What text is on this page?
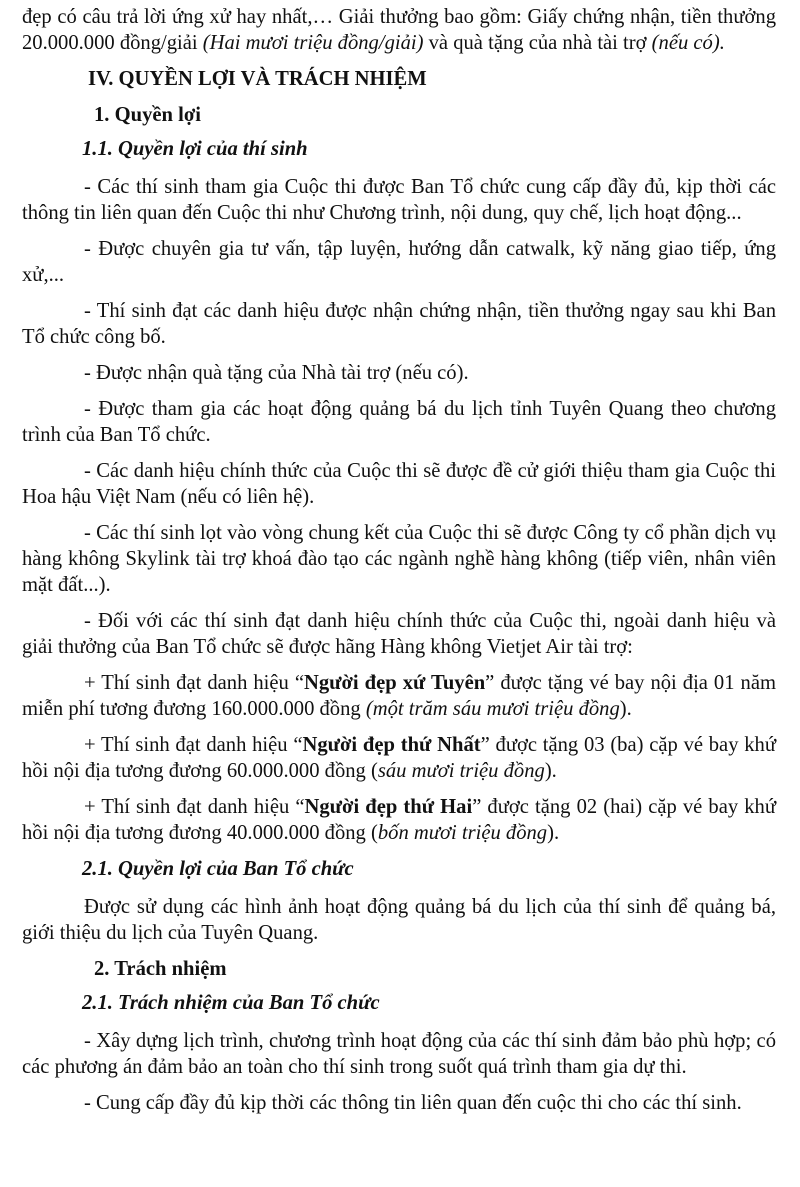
đẹp có câu trả lời ứng xử hay nhất,… Giải thưởng bao gồm: Giấy chứng nhận, tiền thưởng 20.000.000 đồng/giải (Hai mươi triệu đồng/giải) và quà tặng của nhà tài trợ (nếu có).

IV. QUYỀN LỢI VÀ TRÁCH NHIỆM
1. Quyền lợi
1.1. Quyền lợi của thí sinh

- Các thí sinh tham gia Cuộc thi được Ban Tổ chức cung cấp đầy đủ, kịp thời các thông tin liên quan đến Cuộc thi như Chương trình, nội dung, quy chế, lịch hoạt động...

- Được chuyên gia tư vấn, tập luyện, hướng dẫn catwalk, kỹ năng giao tiếp, ứng xử,...

- Thí sinh đạt các danh hiệu được nhận chứng nhận, tiền thưởng ngay sau khi Ban Tổ chức công bố.

- Được nhận quà tặng của Nhà tài trợ (nếu có).

- Được tham gia các hoạt động quảng bá du lịch tỉnh Tuyên Quang theo chương trình của Ban Tổ chức.

- Các danh hiệu chính thức của Cuộc thi sẽ được đề cử giới thiệu tham gia Cuộc thi Hoa hậu Việt Nam (nếu có liên hệ).

- Các thí sinh lọt vào vòng chung kết của Cuộc thi sẽ được Công ty cổ phần dịch vụ hàng không Skylink tài trợ khoá đào tạo các ngành nghề hàng không (tiếp viên, nhân viên mặt đất...).

- Đối với các thí sinh đạt danh hiệu chính thức của Cuộc thi, ngoài danh hiệu và giải thưởng của Ban Tổ chức sẽ được hãng Hàng không Vietjet Air tài trợ:

+ Thí sinh đạt danh hiệu “Người đẹp xứ Tuyên” được tặng vé bay nội địa 01 năm miễn phí tương đương 160.000.000 đồng (một trăm sáu mươi triệu đồng).

+ Thí sinh đạt danh hiệu “Người đẹp thứ Nhất” được tặng 03 (ba) cặp vé bay khứ hồi nội địa tương đương 60.000.000 đồng (sáu mươi triệu đồng).

+ Thí sinh đạt danh hiệu “Người đẹp thứ Hai” được tặng 02 (hai) cặp vé bay khứ hồi nội địa tương đương 40.000.000 đồng (bốn mươi triệu đồng).

2.1. Quyền lợi của Ban Tổ chức

Được sử dụng các hình ảnh hoạt động quảng bá du lịch của thí sinh để quảng bá, giới thiệu du lịch của Tuyên Quang.

2. Trách nhiệm
2.1. Trách nhiệm của Ban Tổ chức

- Xây dựng lịch trình, chương trình hoạt động của các thí sinh đảm bảo phù hợp; có các phương án đảm bảo an toàn cho thí sinh trong suốt quá trình tham gia dự thi.

- Cung cấp đầy đủ kịp thời các thông tin liên quan đến cuộc thi cho các thí sinh.
